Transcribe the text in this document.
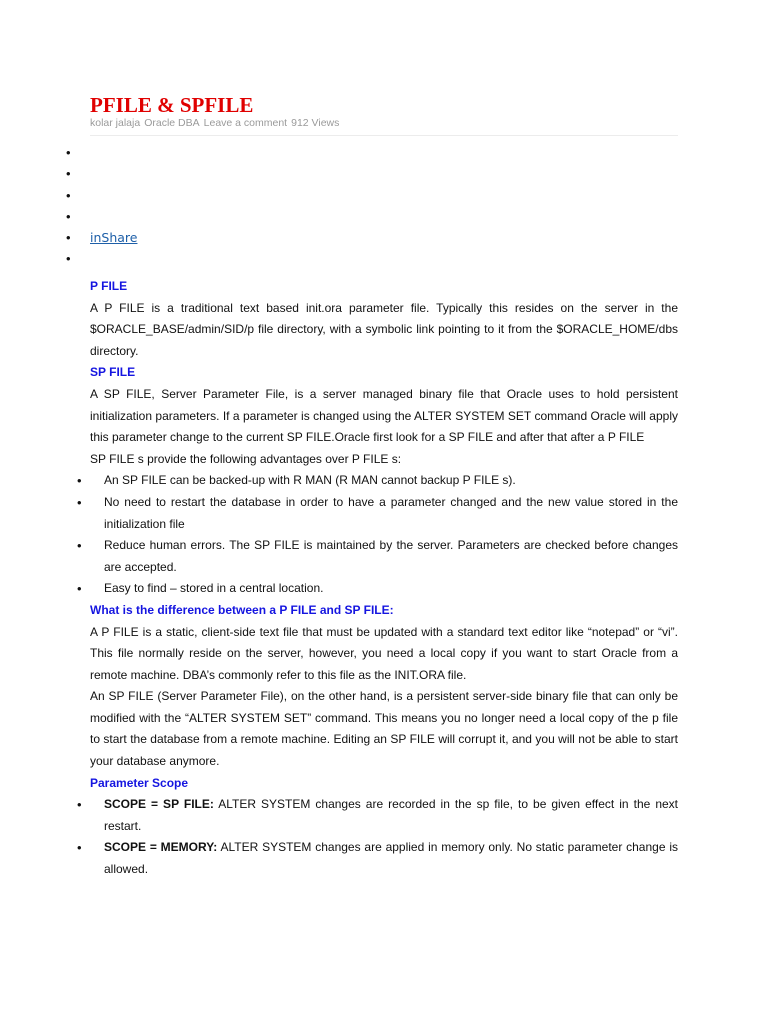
PFILE & SPFILE
kolar jalaja Oracle DBA Leave a comment 912 Views
•
•
•
•
• inShare
•

P FILE

A P FILE is a traditional text based init.ora parameter file. Typically this resides on the server in the $ORACLE_BASE/admin/SID/p file directory, with a symbolic link pointing to it from the $ORACLE_HOME/dbs directory.

SP FILE

A SP FILE, Server Parameter File, is a server managed binary file that Oracle uses to hold persistent initialization parameters. If a parameter is changed using the ALTER SYSTEM SET command Oracle will apply this parameter change to the current SP FILE.Oracle first look for a SP FILE and after that after a P FILE

SP FILE s provide the following advantages over P FILE s:

• An SP FILE can be backed-up with R MAN (R MAN cannot backup P FILE s).
• No need to restart the database in order to have a parameter changed and the new value stored in the initialization file
• Reduce human errors. The SP FILE is maintained by the server. Parameters are checked before changes are accepted.
• Easy to find – stored in a central location.

What is the difference between a P FILE and SP FILE:

A P FILE is a static, client-side text file that must be updated with a standard text editor like “notepad” or “vi”. This file normally reside on the server, however, you need a local copy if you want to start Oracle from a remote machine. DBA’s commonly refer to this file as the INIT.ORA file.

An SP FILE (Server Parameter File), on the other hand, is a persistent server-side binary file that can only be modified with the “ALTER SYSTEM SET” command. This means you no longer need a local copy of the p file to start the database from a remote machine. Editing an SP FILE will corrupt it, and you will not be able to start your database anymore.

Parameter Scope

• SCOPE = SP FILE: ALTER SYSTEM changes are recorded in the sp file, to be given effect in the next restart.
• SCOPE = MEMORY: ALTER SYSTEM changes are applied in memory only. No static parameter change is allowed.
